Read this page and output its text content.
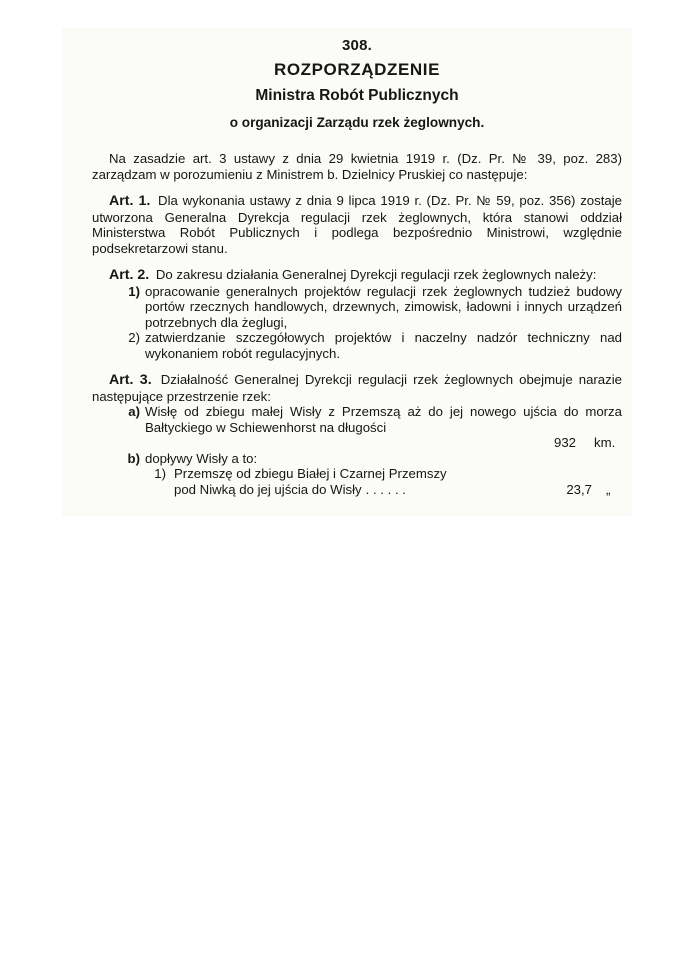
308.
ROZPORZĄDZENIE
Ministra Robót Publicznych
o organizacji Zarządu rzek żeglownych.
Na zasadzie art. 3 ustawy z dnia 29 kwietnia 1919 r. (Dz. Pr. № 39, poz. 283) zarządzam w porozumieniu z Ministrem b. Dzielnicy Pruskiej co następuje:
Art. 1. Dla wykonania ustawy z dnia 9 lipca 1919 r. (Dz. Pr. № 59, poz. 356) zostaje utworzona Generalna Dyrekcja regulacji rzek żeglownych, która stanowi oddział Ministerstwa Robót Publicznych i podlega bezpośrednio Ministrowi, względnie podsekretarzowi stanu.
Art. 2. Do zakresu działania Generalnej Dyrekcji regulacji rzek żeglownych należy:
1) opracowanie generalnych projektów regulacji rzek żeglownych tudzież budowy portów rzecznych handlowych, drzewnych, zimowisk, ładowni i innych urządzeń potrzebnych dla żeglugi,
2) zatwierdzanie szczegółowych projektów i naczelny nadzór techniczny nad wykonaniem robót regulacyjnych.
Art. 3. Działalność Generalnej Dyrekcji regulacji rzek żeglownych obejmuje narazie następujące przestrzenie rzek:
a) Wisłę od zbiegu małej Wisły z Przemszą aż do jej nowego ujścia do morza Bałtyckiego w Schiewenhorst na długości
932 km.
b) dopływy Wisły a to:
1) Przemszę od zbiegu Białej i Czarnej Przemszy
pod Niwką do jej ujścia do Wisły . . . . . .	23,7 „
